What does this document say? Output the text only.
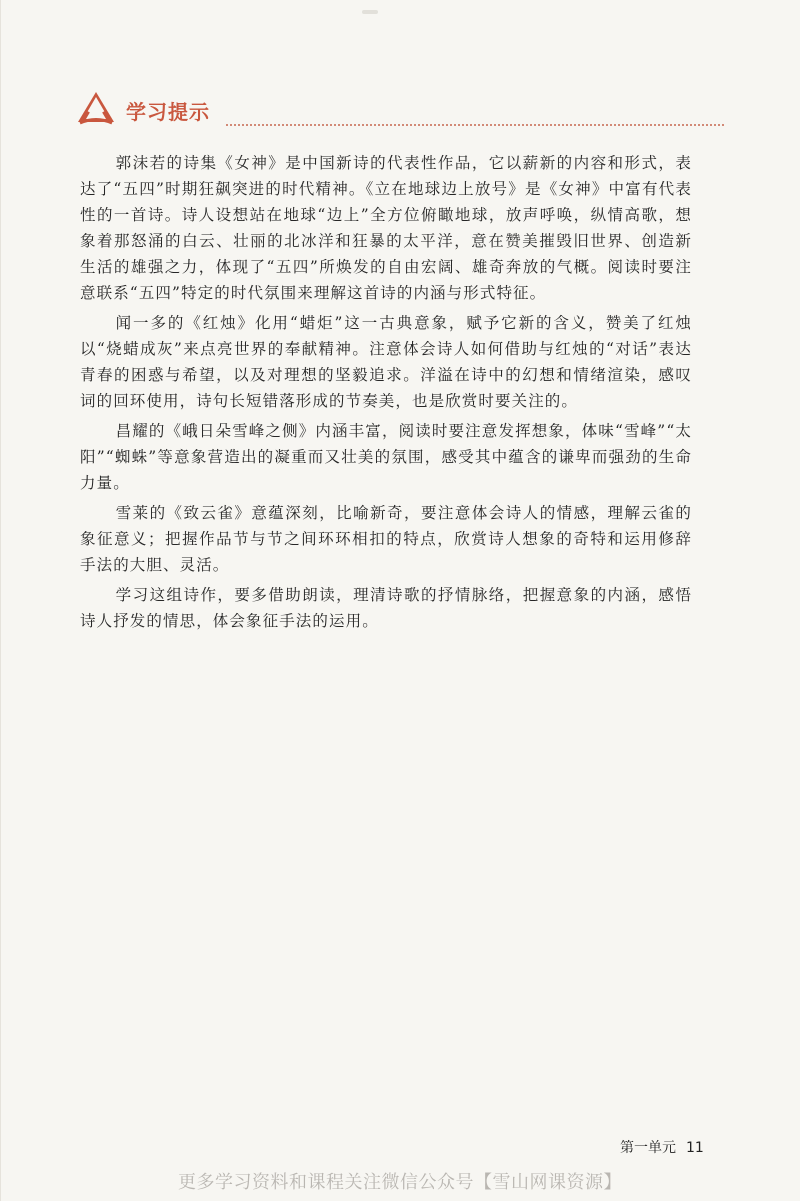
学习提示

郭沫若的诗集《女神》是中国新诗的代表性作品，它以薪新的内容和形式，表达了“五四”时期狂飙突进的时代精神。《立在地球边上放号》是《女神》中富有代表性的一首诗。诗人设想站在地球“边上”全方位俯瞰地球，放声呼唤，纵情高歌，想象着那怒涌的白云、壮丽的北冰洋和狂暴的太平洋，意在赞美摧毁旧世界、创造新生活的雄强之力，体现了“五四”所焕发的自由宏阔、雄奇奔放的气概。阅读时要注意联系“五四”特定的时代氛围来理解这首诗的内涵与形式特征。

闻一多的《红烛》化用“蜡炬”这一古典意象，赋予它新的含义，赞美了红烛以“烧蜡成灰”来点亮世界的奉献精神。注意体会诗人如何借助与红烛的“对话”表达青春的困惑与希望，以及对理想的坚毅追求。洋溢在诗中的幻想和情绪渲染，感叹词的回环使用，诗句长短错落形成的节奏美，也是欣赏时要关注的。

昌耀的《峨日朵雪峰之侧》内涵丰富，阅读时要注意发挥想象，体味“雪峰”“太阳”“蜘蛛”等意象营造出的凝重而又壮美的氛围，感受其中蕴含的谦卑而强劲的生命力量。

雪莱的《致云雀》意蕴深刻，比喻新奇，要注意体会诗人的情感，理解云雀的象征意义；把握作品节与节之间环环相扣的特点，欣赏诗人想象的奇特和运用修辞手法的大胆、灵活。

学习这组诗作，要多借助朗读，理清诗歌的抒情脉络，把握意象的内涵，感悟诗人抒发的情思，体会象征手法的运用。

第一单元 11
更多学习资料和课程关注微信公众号【雪山网课资源】
